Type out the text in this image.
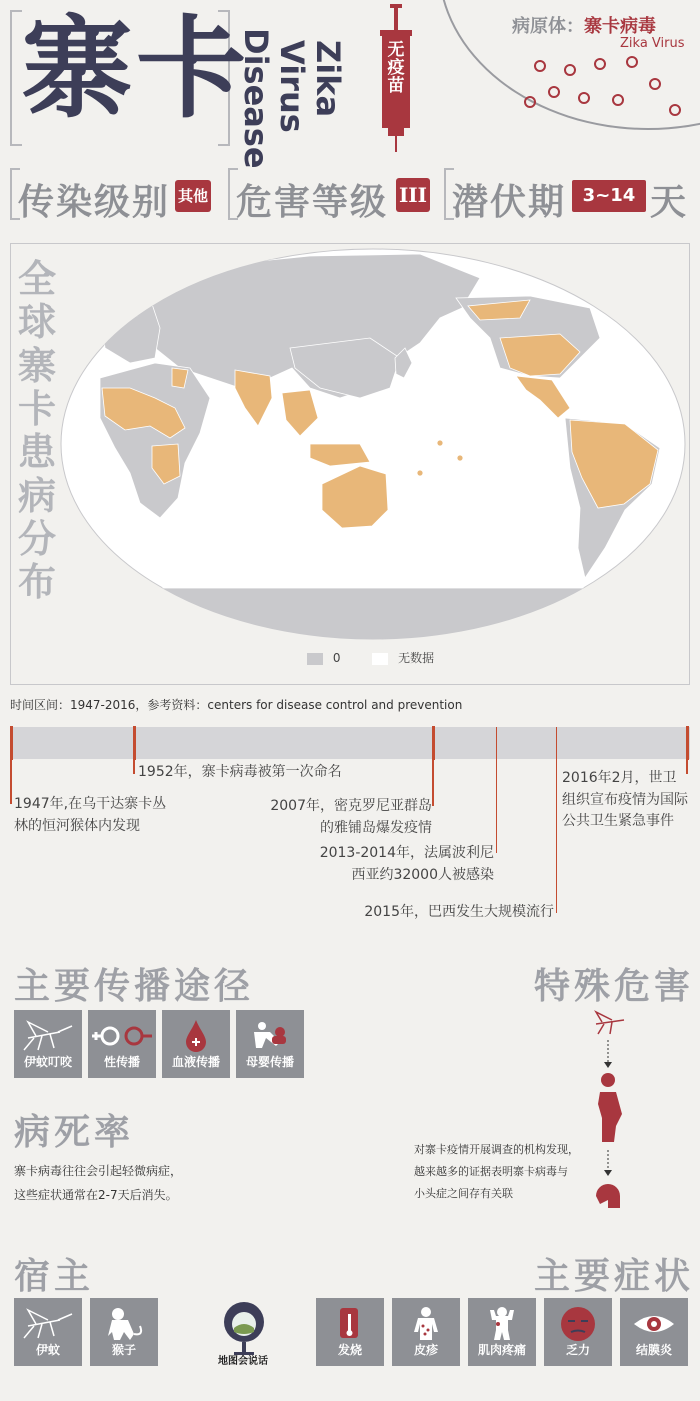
寨卡 Zika
Virus
Disease	无疫苗
病原体：寨卡病毒
Zika Virus
传染级别 其他 危害等级 III 潜伏期 3~14 天
全球寨卡患病分布
0	无数据
时间区间：1947-2016，参考资料：centers for disease control and prevention
1947年,在乌干达寨卡丛林的恒河猴体内发现
1952年，寨卡病毒被第一次命名
2007年，密克罗尼亚群岛的雅铺岛爆发疫情
2013-2014年，法属波利尼西亚约32000人被感染
2015年，巴西发生大规模流行
2016年2月，世卫组织宣布疫情为国际公共卫生紧急事件
主要传播途径
伊蚊叮咬	性传播	血液传播	母婴传播
病死率
寨卡病毒往往会引起轻微病症，
这些症状通常在2-7天后消失。
特殊危害
对寨卡疫情开展调查的机构发现，
越来越多的证据表明寨卡病毒与
小头症之间存有关联
宿主
伊蚊	猴子
地图会说话
主要症状
发烧	皮疹	肌肉疼痛	乏力	结膜炎
